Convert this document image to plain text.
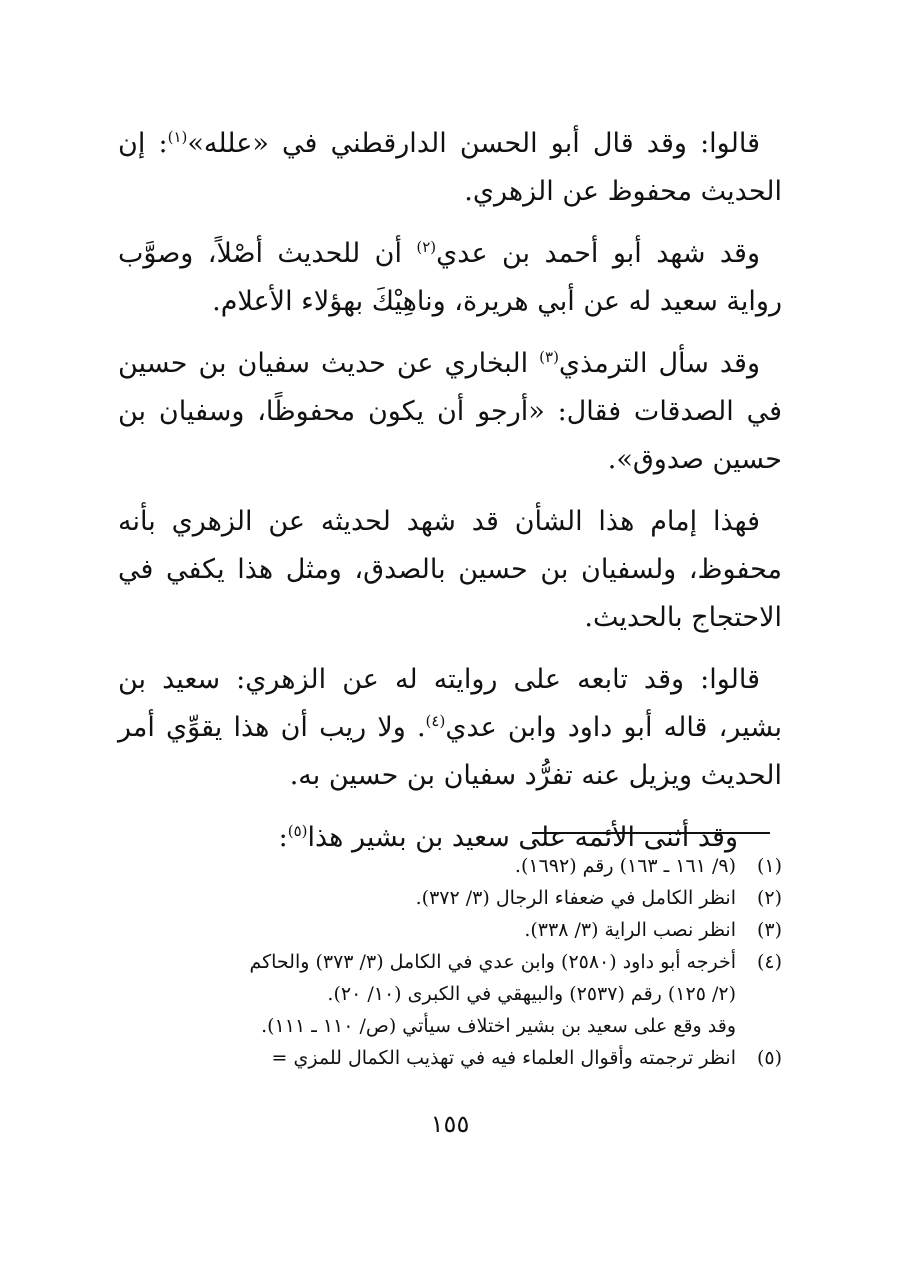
قالوا: وقد قال أبو الحسن الدارقطني في «علله»$^{(١)}$: إن الحديث محفوظ عن الزهري.

وقد شهد أبو أحمد بن عدي$^{(٢)}$ أن للحديث أصْلاً، وصوَّب رواية سعيد له عن أبي هريرة، وناهِيْكَ بهؤلاء الأعلام.

وقد سأل الترمذي$^{(٣)}$ البخاري عن حديث سفيان بن حسين في الصدقات فقال: «أرجو أن يكون محفوظًا، وسفيان بن حسين صدوق».

فهذا إمام هذا الشأن قد شهد لحديثه عن الزهري بأنه محفوظ، ولسفيان بن حسين بالصدق، ومثل هذا يكفي في الاحتجاج بالحديث.

قالوا: وقد تابعه على روايته له عن الزهري: سعيد بن بشير، قاله أبو داود وابن عدي$^{(٤)}$. ولا ريب أن هذا يقوِّي أمر الحديث ويزيل عنه تفرُّد سفيان بن حسين به.

وقد أثنى الأئمة على سعيد بن بشير هذا$^{(٥)}$:

(١)
(٩/ ١٦١ ـ ١٦٣) رقم (١٦٩٢).
(٢)
انظر الكامل في ضعفاء الرجال (٣/ ٣٧٢).
(٣)
انظر نصب الراية (٣/ ٣٣٨).
(٤)
أخرجه أبو داود (٢٥٨٠) وابن عدي في الكامل (٣/ ٣٧٣) والحاكم
(٢/ ١٢٥) رقم (٢٥٣٧) والبيهقي في الكبرى (١٠/ ٢٠).
وقد وقع على سعيد بن بشير اختلاف سيأتي (ص/ ١١٠ ـ ١١١).
(٥)
انظر ترجمته وأقوال العلماء فيه في تهذيب الكمال للمزي =
١٥٥
